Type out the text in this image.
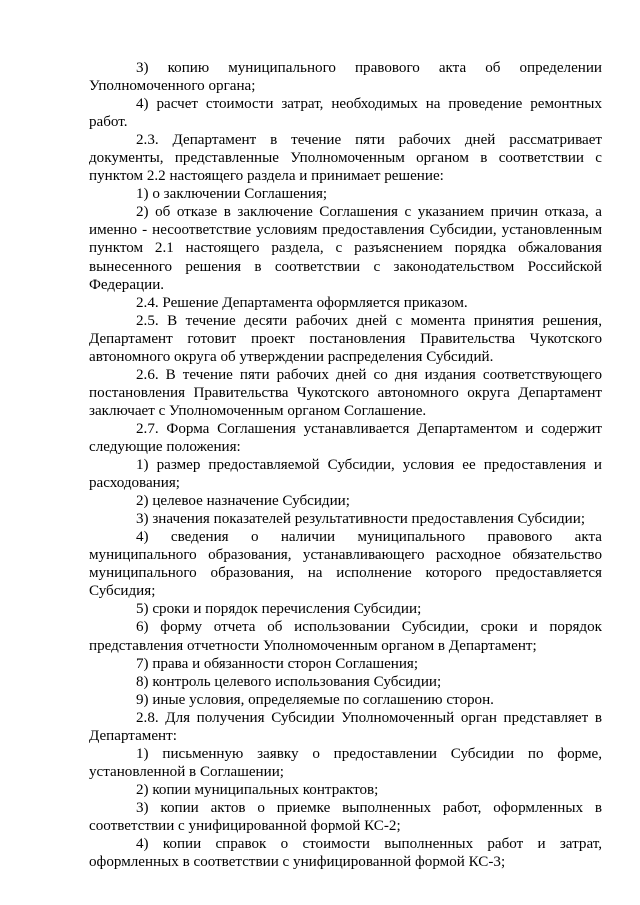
3) копию муниципального правового акта об определении Уполномоченного органа;

4) расчет стоимости затрат, необходимых на проведение ремонтных работ.

2.3. Департамент в течение пяти рабочих дней рассматривает документы, представленные Уполномоченным органом в соответствии с пунктом 2.2 настоящего раздела и принимает решение:

1) о заключении Соглашения;

2) об отказе в заключение Соглашения с указанием причин отказа, а именно - несоответствие условиям предоставления Субсидии, установленным пунктом 2.1 настоящего раздела, с разъяснением порядка обжалования вынесенного решения в соответствии с законодательством Российской Федерации.

2.4. Решение Департамента оформляется приказом.

2.5. В течение десяти рабочих дней с момента принятия решения, Департамент готовит проект постановления Правительства Чукотского автономного округа об утверждении распределения Субсидий.

2.6. В течение пяти рабочих дней со дня издания соответствующего постановления Правительства Чукотского автономного округа Департамент заключает с Уполномоченным органом Соглашение.

2.7. Форма Соглашения устанавливается Департаментом и содержит следующие положения:

1) размер предоставляемой Субсидии, условия ее предоставления и расходования;

2) целевое назначение Субсидии;

3) значения показателей результативности предоставления Субсидии;

4) сведения о наличии муниципального правового акта муниципального образования, устанавливающего расходное обязательство муниципального образования, на исполнение которого предоставляется Субсидия;

5) сроки и порядок перечисления Субсидии;

6) форму отчета об использовании Субсидии, сроки и порядок представления отчетности Уполномоченным органом в Департамент;

7) права и обязанности сторон Соглашения;

8) контроль целевого использования Субсидии;

9) иные условия, определяемые по соглашению сторон.

2.8. Для получения Субсидии Уполномоченный орган представляет в Департамент:

1) письменную заявку о предоставлении Субсидии по форме, установленной в Соглашении;

2) копии муниципальных контрактов;

3) копии актов о приемке выполненных работ, оформленных в соответствии с унифицированной формой КС-2;

4) копии справок о стоимости выполненных работ и затрат, оформленных в соответствии с унифицированной формой КС-3;
